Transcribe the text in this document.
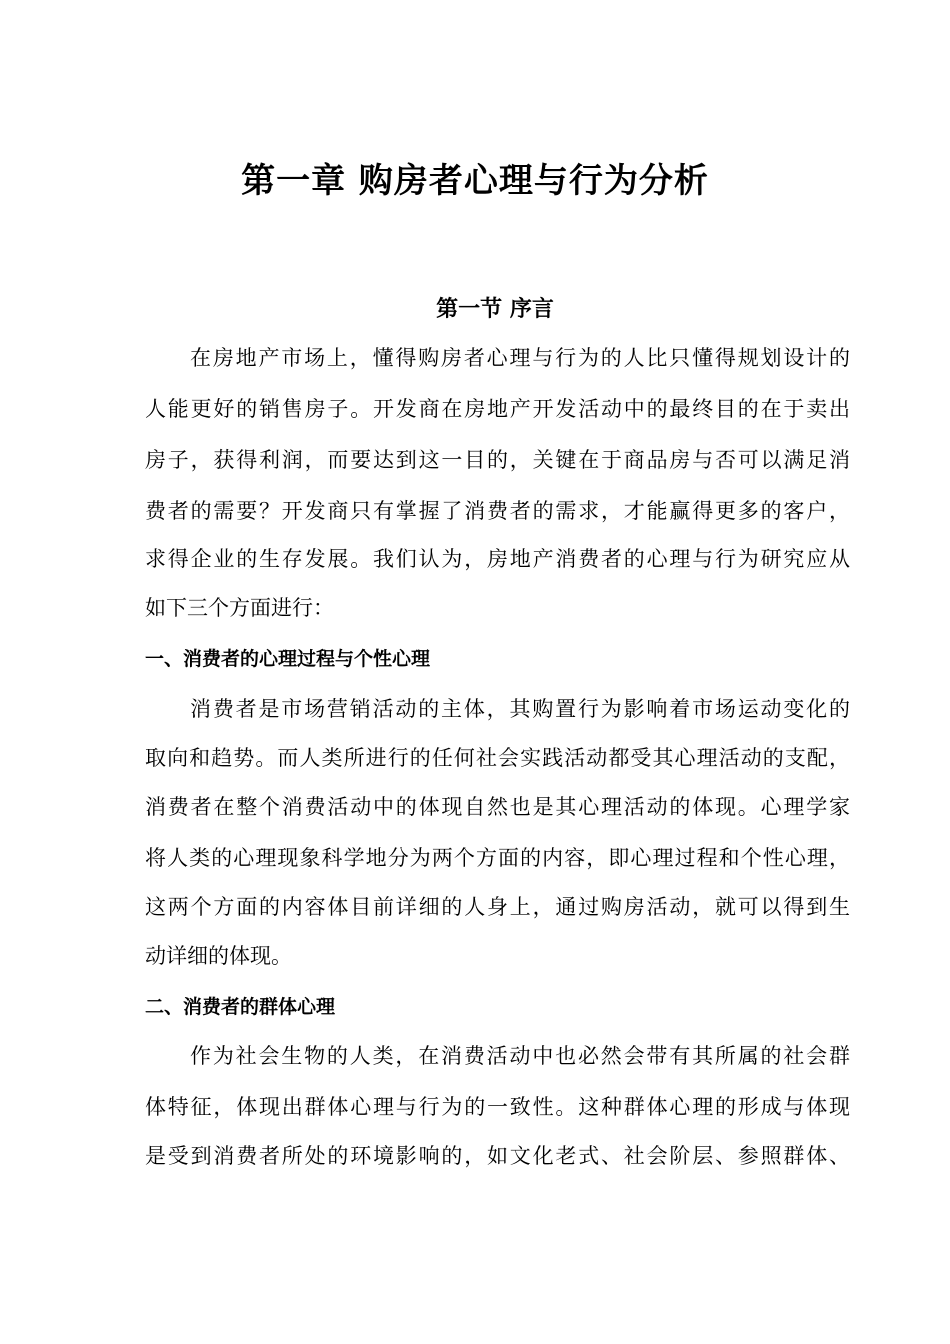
第一章 购房者心理与行为分析
第一节 序言
在房地产市场上，懂得购房者心理与行为的人比只懂得规划设计的
人能更好的销售房子。开发商在房地产开发活动中的最终目的在于卖出
房子，获得利润，而要达到这一目的，关键在于商品房与否可以满足消
费者的需要？开发商只有掌握了消费者的需求，才能赢得更多的客户，
求得企业的生存发展。我们认为，房地产消费者的心理与行为研究应从
如下三个方面进行：
一、消费者的心理过程与个性心理
消费者是市场营销活动的主体，其购置行为影响着市场运动变化的
取向和趋势。而人类所进行的任何社会实践活动都受其心理活动的支配，
消费者在整个消费活动中的体现自然也是其心理活动的体现。心理学家
将人类的心理现象科学地分为两个方面的内容，即心理过程和个性心理，
这两个方面的内容体目前详细的人身上，通过购房活动，就可以得到生
动详细的体现。
二、消费者的群体心理
作为社会生物的人类，在消费活动中也必然会带有其所属的社会群
体特征，体现出群体心理与行为的一致性。这种群体心理的形成与体现
是受到消费者所处的环境影响的，如文化老式、社会阶层、参照群体、
